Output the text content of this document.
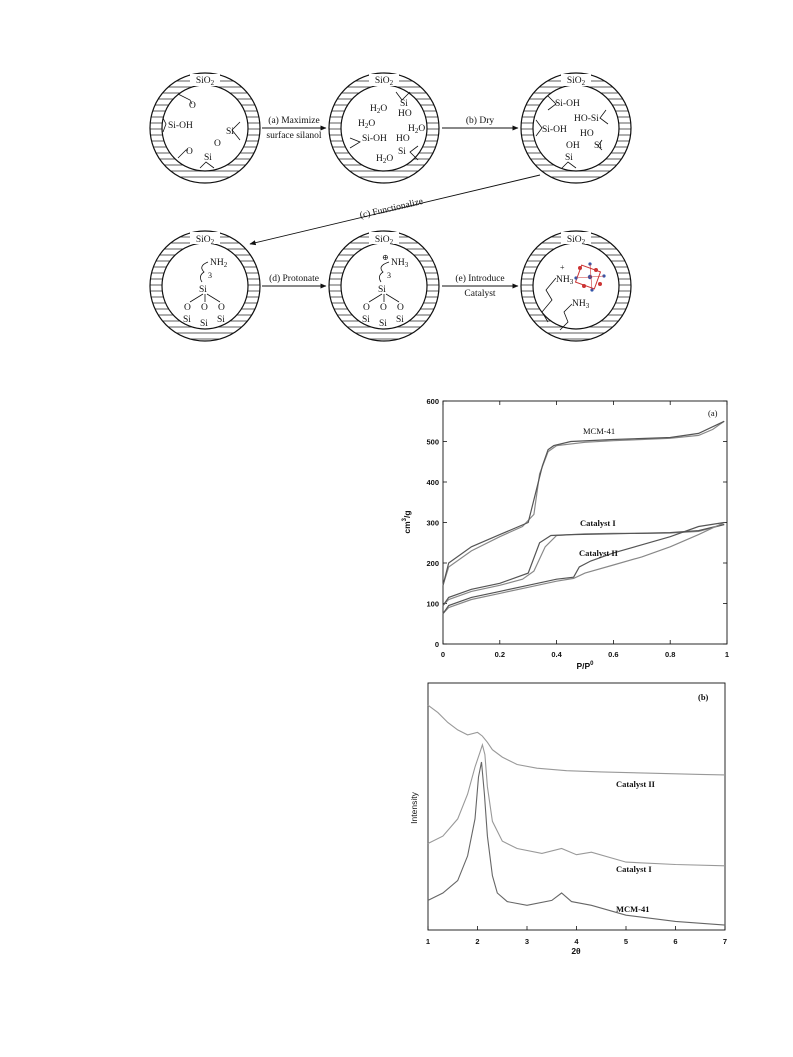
SiO$_2$
O
Si-OH
Si
O
O
Si
SiO$_2$
Si
HO
$H_2O$
$H_2O$
Si-OH HO
$H_2O$
Si
$H_2O$
SiO$_2$
Si-OH
HO-Si
Si-OH HO
Si
OH
Si
SiO$_2$
$NH_2$
3
Si
O O O
Si Si Si
SiO$_2$
⊕
$NH_3$
3
Si
O O O
Si Si Si
SiO$_2$
+
$NH_3$
$NH_3$
(a) Maximize
surface silanol
(b) Dry
(c) Functionalize
(d) Protonate	(e) Introduce
Catalyst
0	0.2	0.4	0.6	0.8	1
0
100
200
300
400
500
600
(a)
MCM-41
Catalyst I
Catalyst II
$P/P^0$
$cm^3/g$
1	2	3	4	5	6	7
(b)
Catalyst II
Catalyst I
MCM-41
2θ
Intensity
